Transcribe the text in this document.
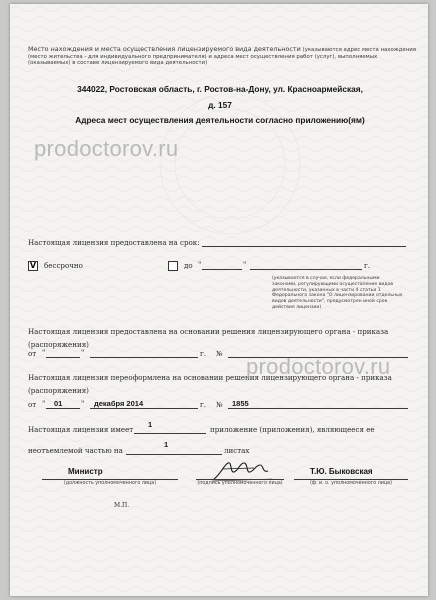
Место нахождения и места осуществления лицензируемого вида деятельности (указываются адрес места нахождения (место жительства - для индивидуального предпринимателя) и адреса мест осуществления работ (услуг), выполняемых (оказываемых) в составе лицензируемого вида деятельности)
344022, Ростовская область, г. Ростов-на-Дону, ул. Красноармейская,
д. 157
Адреса мест осуществления деятельности согласно приложению(ям)
prodoctorov.ru
Настоящая лицензия предоставлена на срок:
V бессрочно	до "	"	г.
(указывается в случае, если федеральными законами, регулирующими осуществление видов деятельности, указанных в части 4 статьи 1 Федерального закона "О лицензировании отдельных видов деятельности", предусмотрен иной срок действия лицензии)
Настоящая лицензия предоставлена на основании решения лицензирующего органа - приказа (распоряжения)
от "	"	г. №
Настоящая лицензия переоформлена на основании решения лицензирующего органа - приказа (распоряжения)
от " 01	" декабря 2014	г. № 1855
prodoctorov.ru
Настоящая лицензия имеет
1
приложение (приложения), являющееся ее
неотъемлемой частью на
1
листах
Министр
(должность уполномоченного лица)	(подпись уполномоченного лица)
Т.Ю. Быковская
(ф. и. о. уполномоченного лица)
М.П.
